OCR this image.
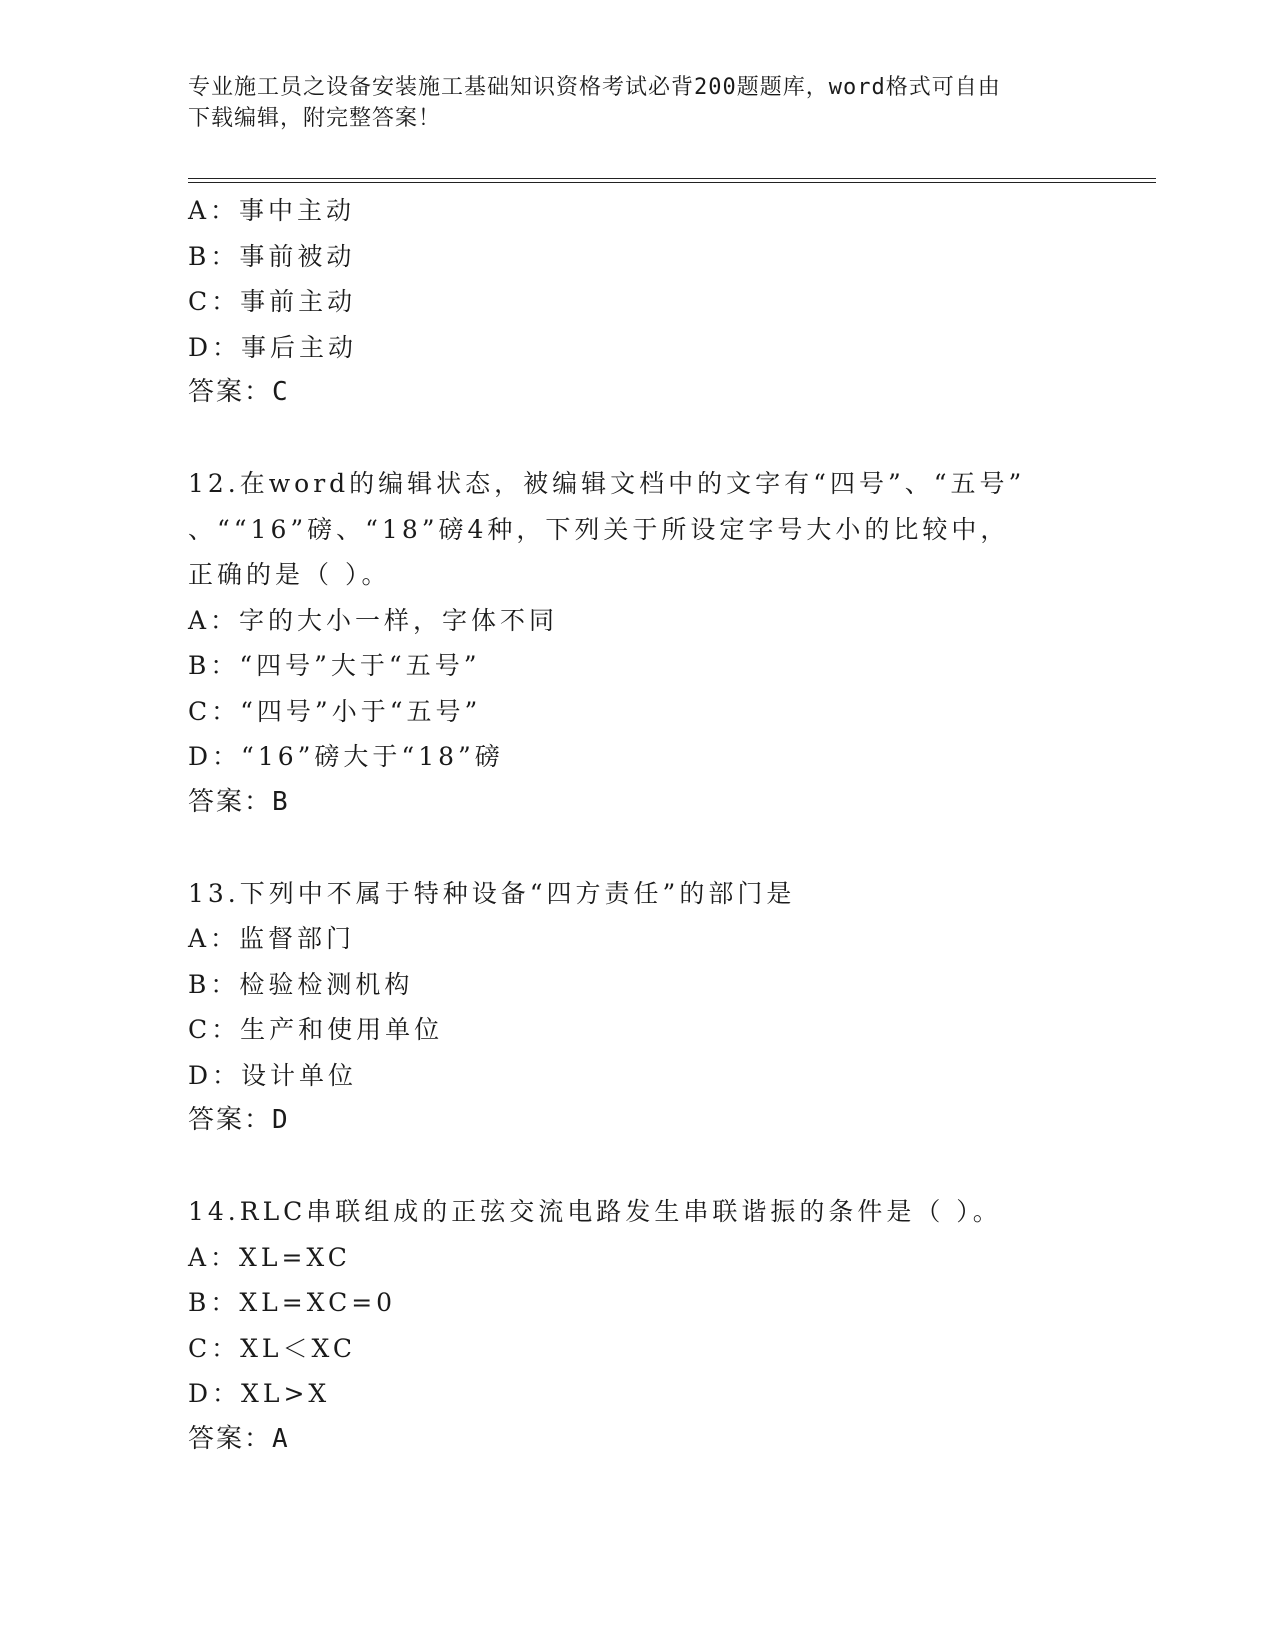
专业施工员之设备安装施工基础知识资格考试必背200题题库，word格式可自由
下载编辑，附完整答案！
A：事中主动
B：事前被动
C：事前主动
D：事后主动
答案：C
12.在word的编辑状态，被编辑文档中的文字有“四号”、“五号”
、““16”磅、“18”磅4种，下列关于所设定字号大小的比较中，
正确的是（ ）。
A：字的大小一样，字体不同
B：“四号”大于“五号”
C：“四号”小于“五号”
D：“16”磅大于“18”磅
答案：B
13.下列中不属于特种设备“四方责任”的部门是
A：监督部门
B：检验检测机构
C：生产和使用单位
D：设计单位
答案：D
14.RLC串联组成的正弦交流电路发生串联谐振的条件是（ ）。
A：XL=XC
B：XL=XC=0
C：XL＜XC
D：XL>X
答案：A
